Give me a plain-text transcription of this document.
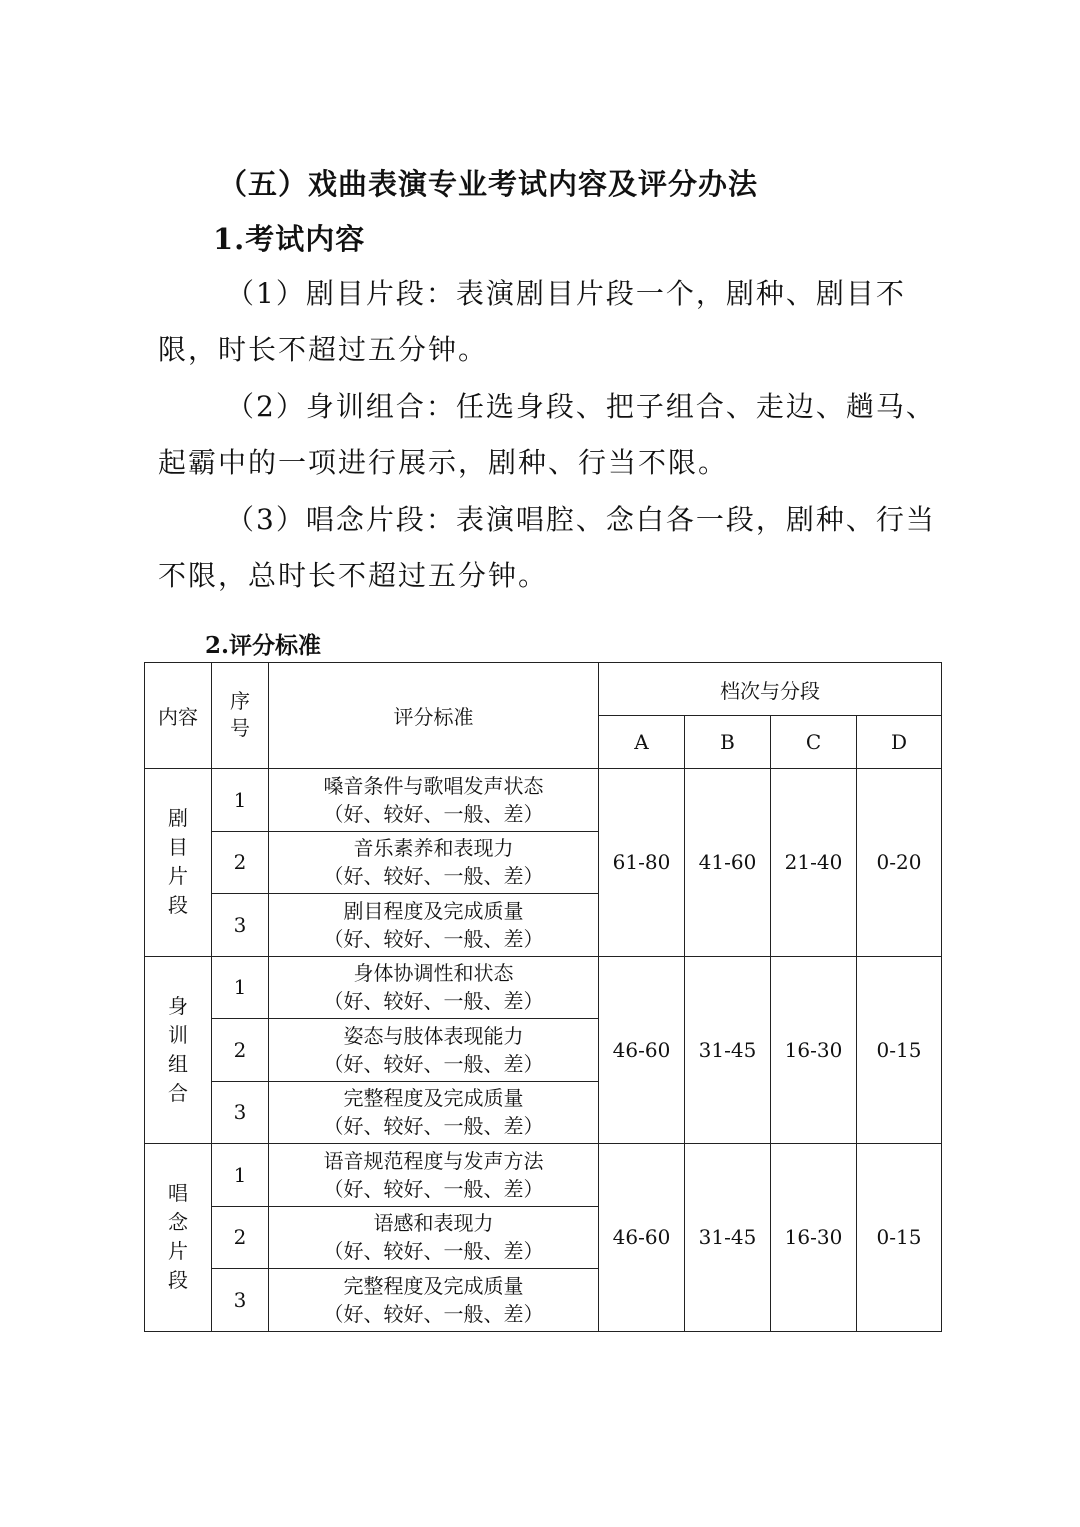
（五）戏曲表演专业考试内容及评分办法
1.考试内容

（1）剧目片段：表演剧目片段一个，剧种、剧目不限，时长不超过五分钟。

（2）身训组合：任选身段、把子组合、走边、趟马、起霸中的一项进行展示，剧种、行当不限。

（3）唱念片段：表演唱腔、念白各一段，剧种、行当不限，总时长不超过五分钟。

2.评分标准
内容	序号	评分标准	档次与分段			
			A	B	C	D
剧目片段	1	嗓音条件与歌唱发声状态
（好、较好、一般、差）	61-80	41-60	21-40	0-20
	2	音乐素养和表现力
（好、较好、一般、差）				

	3	剧目程度及完成质量
（好、较好、一般、差）				

身训组合	1	身体协调性和状态
（好、较好、一般、差）	46-60	31-45	16-30	0-15
	2	姿态与肢体表现能力
（好、较好、一般、差）				

	3	完整程度及完成质量
（好、较好、一般、差）				

唱念片段	1	语音规范程度与发声方法
（好、较好、一般、差）	46-60	31-45	16-30	0-15
	2	语感和表现力
（好、较好、一般、差）				

	3	完整程度及完成质量
（好、较好、一般、差）				
